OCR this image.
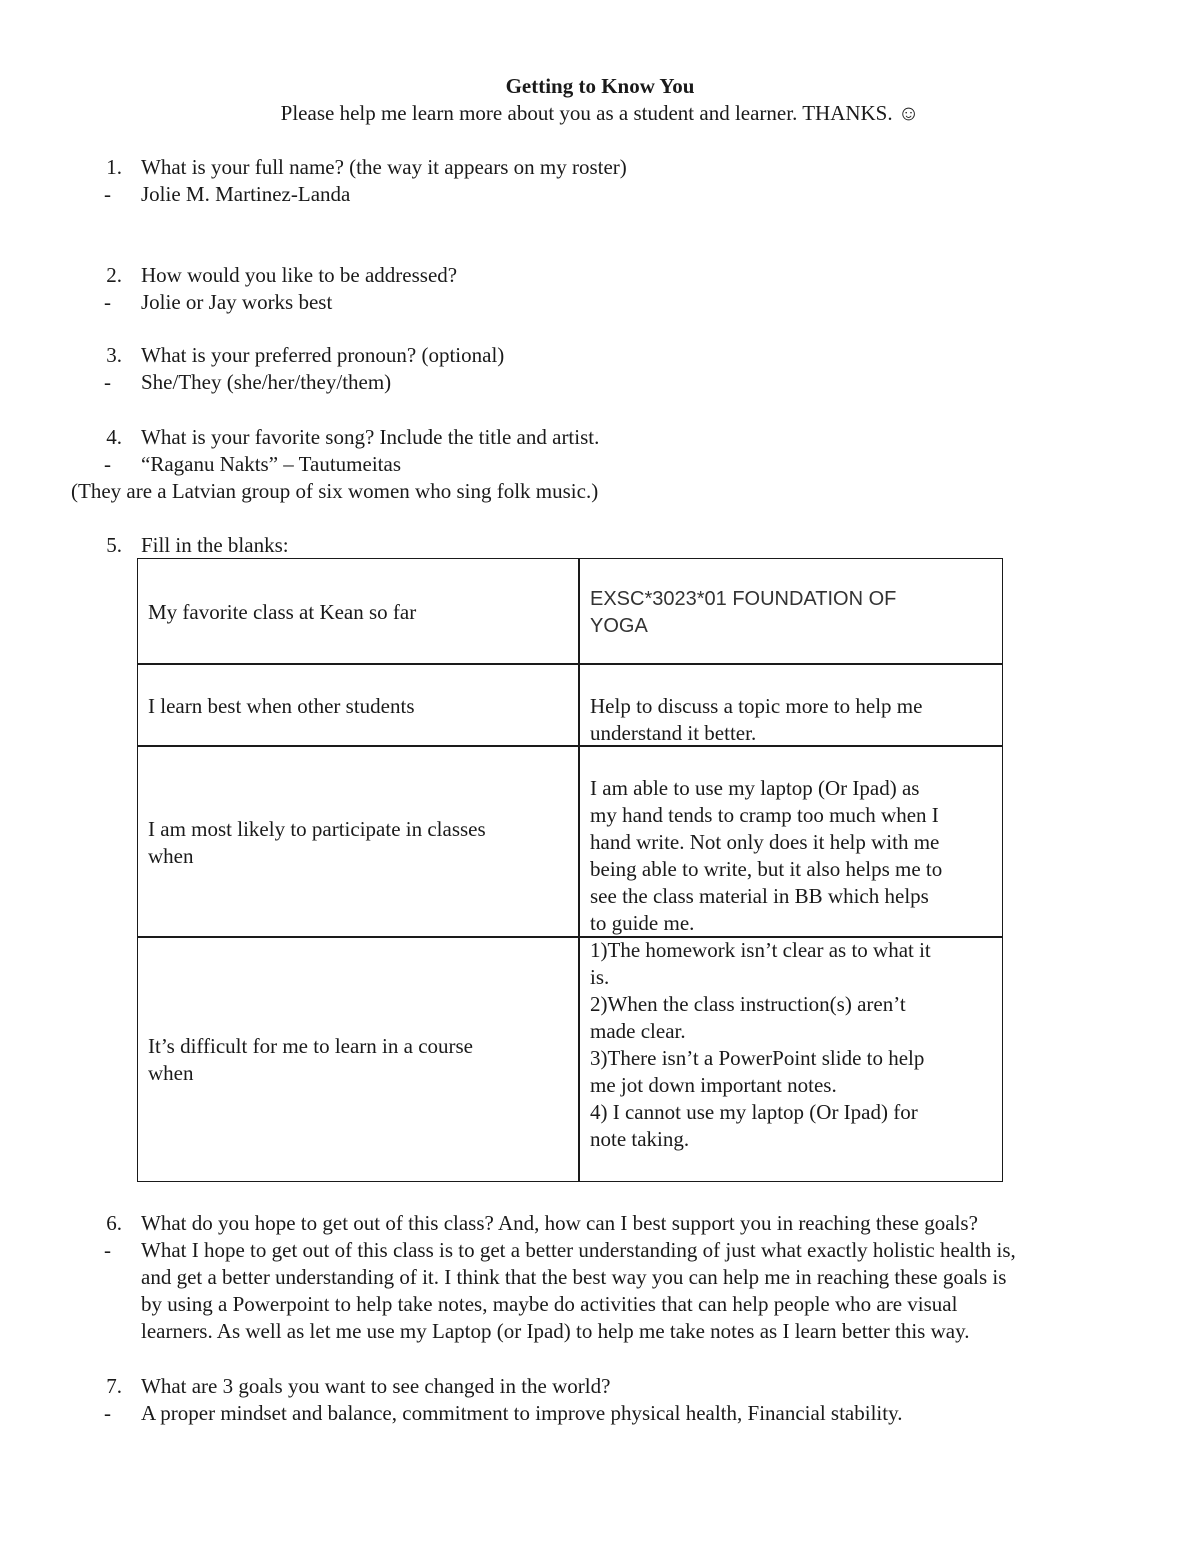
Getting to Know You
Please help me learn more about you as a student and learner. THANKS. ☺
1. What is your full name? (the way it appears on my roster)
- Jolie M. Martinez-Landa
2. How would you like to be addressed?
- Jolie or Jay works best
3. What is your preferred pronoun? (optional)
- She/They (she/her/they/them)
4. What is your favorite song? Include the title and artist.
- “Raganu Nakts” – Tautumeitas
(They are a Latvian group of six women who sing folk music.)
5. Fill in the blanks:
My favorite class at Kean so far
EXSC*3023*01 FOUNDATION OF
YOGA
I learn best when other students	Help to discuss a topic more to help me
understand it better.
I am most likely to participate in classes
when
I am able to use my laptop (Or Ipad) as
my hand tends to cramp too much when I
hand write. Not only does it help with me
being able to write, but it also helps me to
see the class material in BB which helps
to guide me.
It’s difficult for me to learn in a course
when
1)The homework isn’t clear as to what it
is.
2)When the class instruction(s) aren’t
made clear.
3)There isn’t a PowerPoint slide to help
me jot down important notes.
4) I cannot use my laptop (Or Ipad) for
note taking.
6. What do you hope to get out of this class? And, how can I best support you in reaching these goals?
- What I hope to get out of this class is to get a better understanding of just what exactly holistic health is,
and get a better understanding of it. I think that the best way you can help me in reaching these goals is
by using a Powerpoint to help take notes, maybe do activities that can help people who are visual
learners. As well as let me use my Laptop (or Ipad) to help me take notes as I learn better this way.
7. What are 3 goals you want to see changed in the world?
- A proper mindset and balance, commitment to improve physical health, Financial stability.
